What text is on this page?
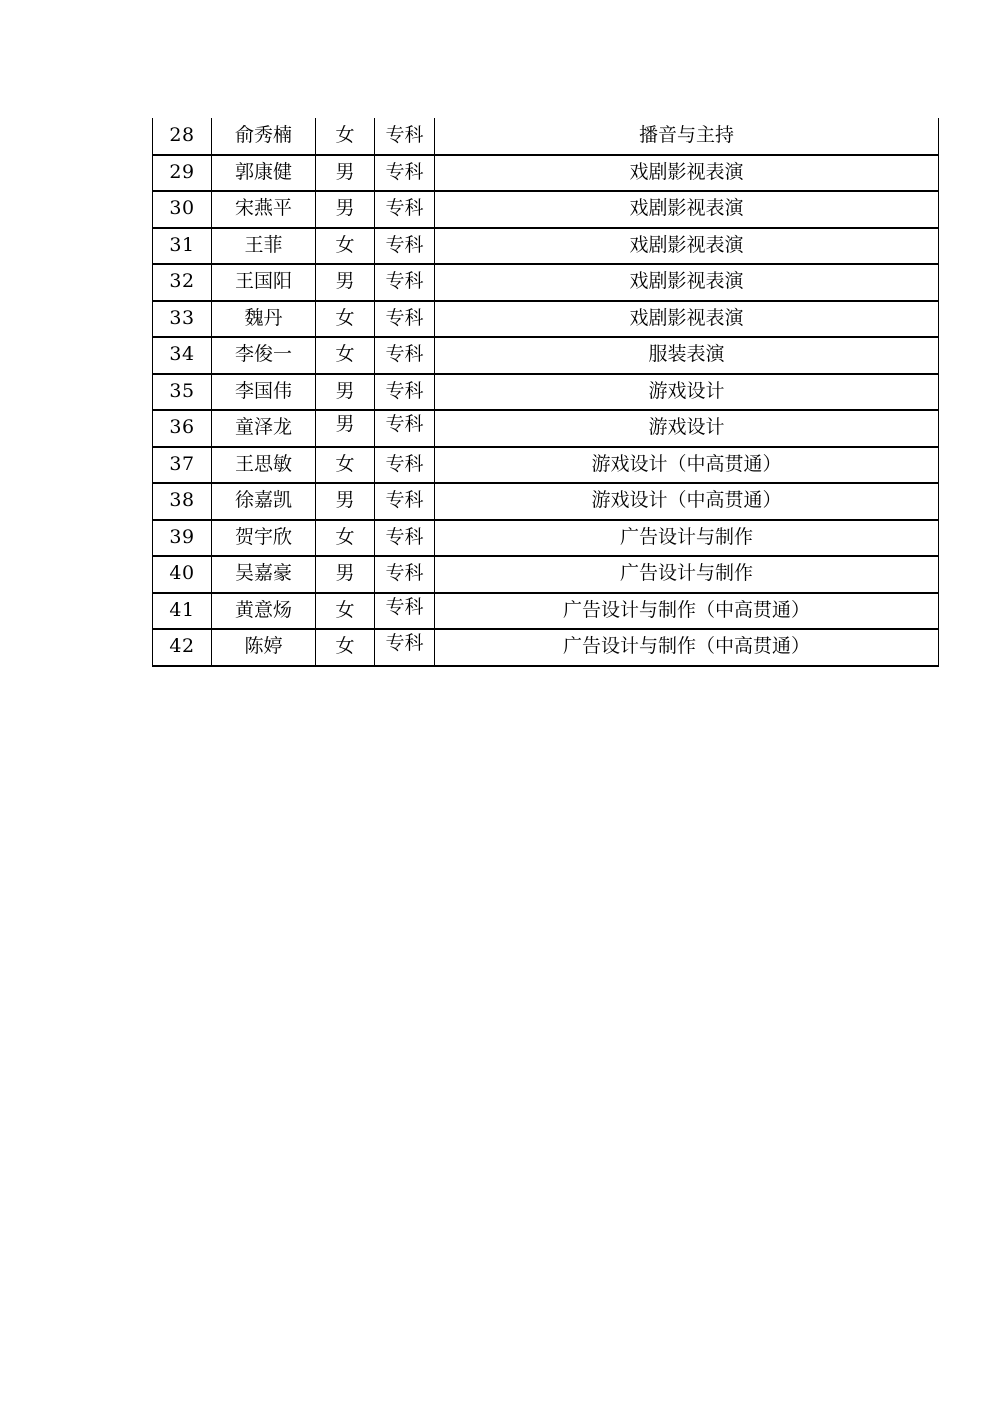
28	俞秀楠	女	专科	播音与主持
29	郭康健	男	专科	戏剧影视表演
30	宋燕平	男	专科	戏剧影视表演
31	王菲	女	专科	戏剧影视表演
32	王国阳	男	专科	戏剧影视表演
33	魏丹	女	专科	戏剧影视表演
34	李俊一	女	专科	服装表演
35	李国伟	男	专科	游戏设计
36	童泽龙	男	专科	游戏设计
37	王思敏	女	专科	游戏设计（中高贯通）
38	徐嘉凯	男	专科	游戏设计（中高贯通）
39	贺宇欣	女	专科	广告设计与制作
40	吴嘉豪	男	专科	广告设计与制作
41	黄意炀	女	专科	广告设计与制作（中高贯通）
42	陈婷	女	专科	广告设计与制作（中高贯通）
